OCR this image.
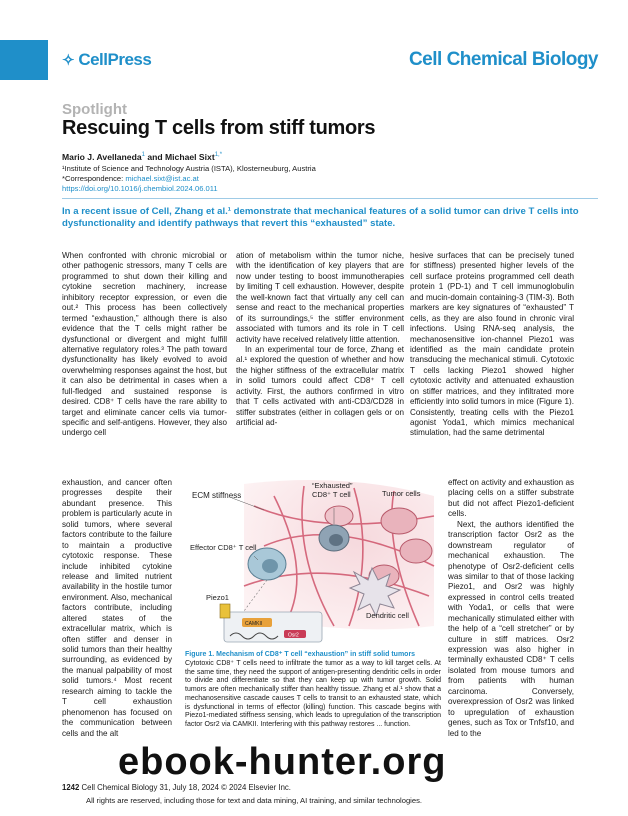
✧ CellPress	Cell Chemical Biology
Spotlight
Rescuing T cells from stiff tumors
Mario J. Avellaneda$^1$ and Michael Sixt$^{1,*}$
¹Institute of Science and Technology Austria (ISTA), Klosterneuburg, Austria
*Correspondence: michael.sixt@ist.ac.at
https://doi.org/10.1016/j.chembiol.2024.06.011
In a recent issue of Cell, Zhang et al.¹ demonstrate that mechanical features of a solid tumor can drive T cells into dysfunctionality and identify pathways that revert this “exhausted” state.

When confronted with chronic microbial or other pathogenic stressors, many T cells are programmed to shut down their killing and cytokine secretion machinery, increase inhibitory receptor expression, or even die out.² This process has been collectively termed “exhaustion,” although there is also evidence that the T cells might rather be dysfunctional or divergent and might fulfill alternative regulatory roles.³ The path toward dysfunctionality has likely evolved to avoid overwhelming responses against the host, but it can also be detrimental in cases when a full-fledged and sustained response is desired. CD8⁺ T cells have the rare ability to target and eliminate cancer cells via tumor-specific and self-antigens. However, they also undergo cell

exhaustion, and cancer often progresses despite their abundant presence. This problem is particularly acute in solid tumors, where several factors contribute to the failure to maintain a productive cytotoxic response. These include inhibited cytokine release and limited nutrient availability in the hostile tumor environment. Also, mechanical factors contribute, including altered states of the extracellular matrix, which is often stiffer and denser in solid tumors than their healthy surrounding, as evidenced by the manual palpability of most solid tumors.⁴ Most recent research aiming to tackle the T cell exhaustion phenomenon has focused on the communication between cells and the alt

ation of metabolism within the tumor niche, with the identification of key players that are now under testing to boost immunotherapies by limiting T cell exhaustion. However, despite the well-known fact that virtually any cell can sense and react to the mechanical properties of its surroundings,⁵ the stiffer environment associated with tumors and its role in T cell activity have received relatively little attention.

In an experimental tour de force, Zhang et al.¹ explored the question of whether and how the higher stiffness of the extracellular matrix in solid tumors could affect CD8⁺ T cell activity. First, the authors confirmed in vitro that T cells activated with anti-CD3/CD28 in stiffer substrates (either in collagen gels or on artificial ad-

hesive surfaces that can be precisely tuned for stiffness) presented higher levels of the cell surface proteins programmed cell death protein 1 (PD-1) and T cell immunoglobulin and mucin-domain containing-3 (TIM-3). Both markers are key signatures of “exhausted” T cells, as they are also found in chronic viral infections. Using RNA-seq analysis, the mechanosensitive ion-channel Piezo1 was identified as the main candidate protein transducing the mechanical stimuli. Cytotoxic T cells lacking Piezo1 showed higher cytotoxic activity and attenuated exhaustion on stiffer matrices, and they infiltrated more efficiently into solid tumors in mice (Figure 1). Consistently, treating cells with the Piezo1 agonist Yoda1, which mimics mechanical stimulation, had the same detrimental

effect on activity and exhaustion as placing cells on a stiffer substrate but did not affect Piezo1-deficient cells.

Next, the authors identified the transcription factor Osr2 as the downstream regulator of mechanical exhaustion. The phenotype of Osr2-deficient cells was similar to that of those lacking Piezo1, and Osr2 was highly expressed in control cells treated with Yoda1, or cells that were mechanically stimulated either with the help of a “cell stretcher” or by culture in stiff matrices. Osr2 expression was also higher in terminally exhausted CD8⁺ T cells isolated from mouse tumors and from patients with human carcinoma. Conversely, overexpression of Osr2 was linked to upregulation of exhaustion genes, such as Tox or Tnfsf10, and led to the

ECM stiffness
“Exhausted”
CD8⁺ T cell	Tumor cells
Effector CD8⁺ T cell
Piezo1
CAMKII
Osr2
Dendritic cell
Figure 1. Mechanism of CD8⁺ T cell “exhaustion” in stiff solid tumors
Cytotoxic CD8⁺ T cells need to infiltrate the tumor as a way to kill target cells. At the same time, they need the support of antigen-presenting dendritic cells in order to divide and differentiate so that they can keep up with tumor growth. Solid tumors are often mechanically stiffer than healthy tissue. Zhang et al.¹ show that a mechanosensitive cascade causes T cells to transit to an exhausted state, which is dysfunctional in terms of effector (killing) function. This cascade begins with Piezo1-mediated stiffness sensing, which leads to upregulation of the transcription factor Osr2 via CAMKII. Interfering with this pathway restores ... function.
1242 Cell Chemical Biology 31, July 18, 2024 © 2024 Elsevier Inc.
All rights are reserved, including those for text and data mining, AI training, and similar technologies.
ebook-hunter.org
